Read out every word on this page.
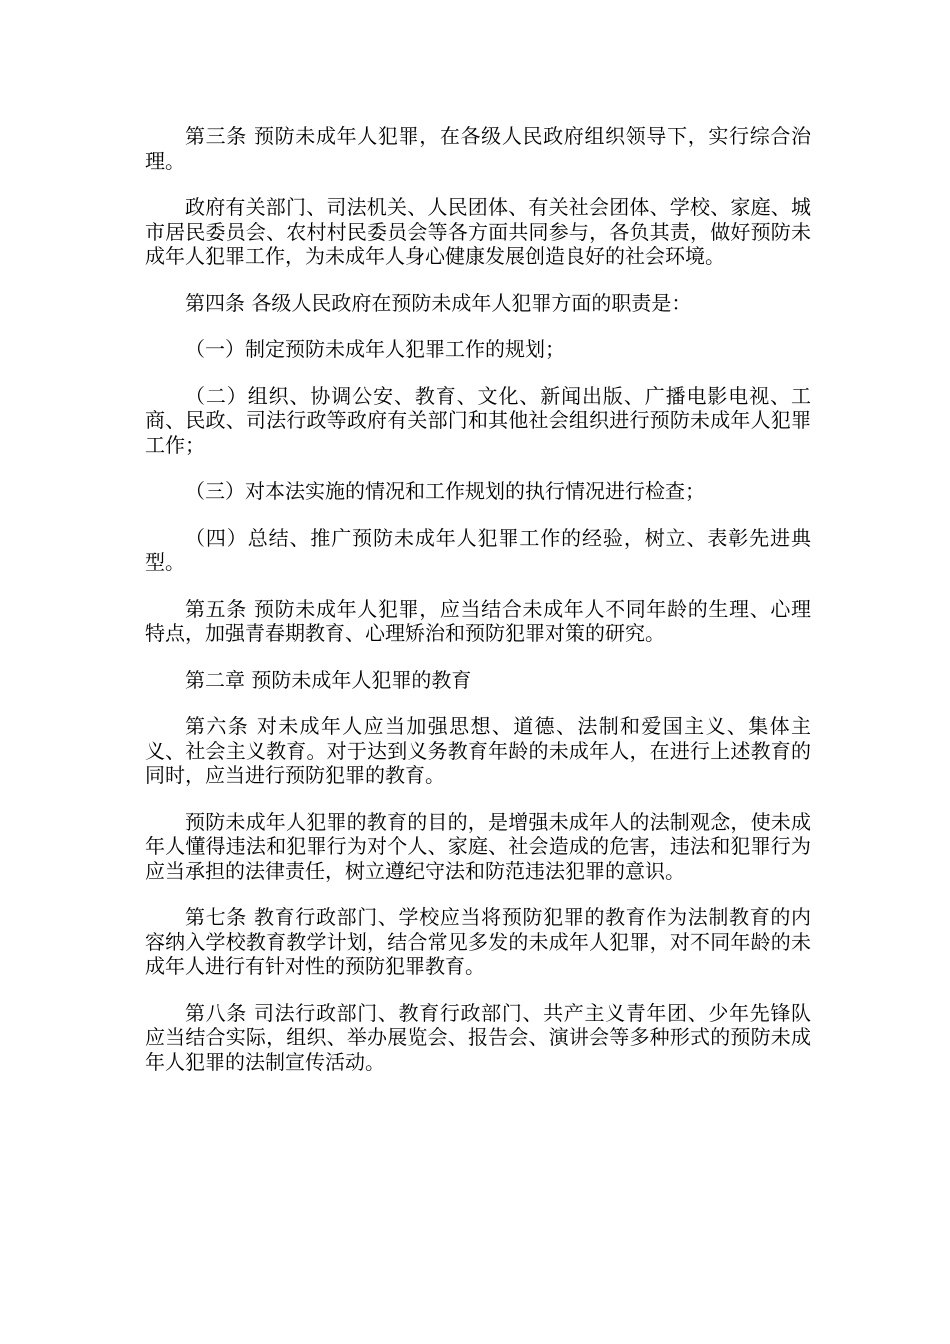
第三条 预防未成年人犯罪，在各级人民政府组织领导下，实行综合治理。

政府有关部门、司法机关、人民团体、有关社会团体、学校、家庭、城市居民委员会、农村村民委员会等各方面共同参与，各负其责，做好预防未成年人犯罪工作，为未成年人身心健康发展创造良好的社会环境。

第四条 各级人民政府在预防未成年人犯罪方面的职责是：

（一）制定预防未成年人犯罪工作的规划；

（二）组织、协调公安、教育、文化、新闻出版、广播电影电视、工商、民政、司法行政等政府有关部门和其他社会组织进行预防未成年人犯罪工作；

（三）对本法实施的情况和工作规划的执行情况进行检查；

（四）总结、推广预防未成年人犯罪工作的经验，树立、表彰先进典型。

第五条 预防未成年人犯罪，应当结合未成年人不同年龄的生理、心理特点，加强青春期教育、心理矫治和预防犯罪对策的研究。

第二章 预防未成年人犯罪的教育

第六条 对未成年人应当加强思想、道德、法制和爱国主义、集体主义、社会主义教育。对于达到义务教育年龄的未成年人，在进行上述教育的同时，应当进行预防犯罪的教育。

预防未成年人犯罪的教育的目的，是增强未成年人的法制观念，使未成年人懂得违法和犯罪行为对个人、家庭、社会造成的危害，违法和犯罪行为应当承担的法律责任，树立遵纪守法和防范违法犯罪的意识。

第七条 教育行政部门、学校应当将预防犯罪的教育作为法制教育的内容纳入学校教育教学计划，结合常见多发的未成年人犯罪，对不同年龄的未成年人进行有针对性的预防犯罪教育。

第八条 司法行政部门、教育行政部门、共产主义青年团、少年先锋队应当结合实际，组织、举办展览会、报告会、演讲会等多种形式的预防未成年人犯罪的法制宣传活动。
